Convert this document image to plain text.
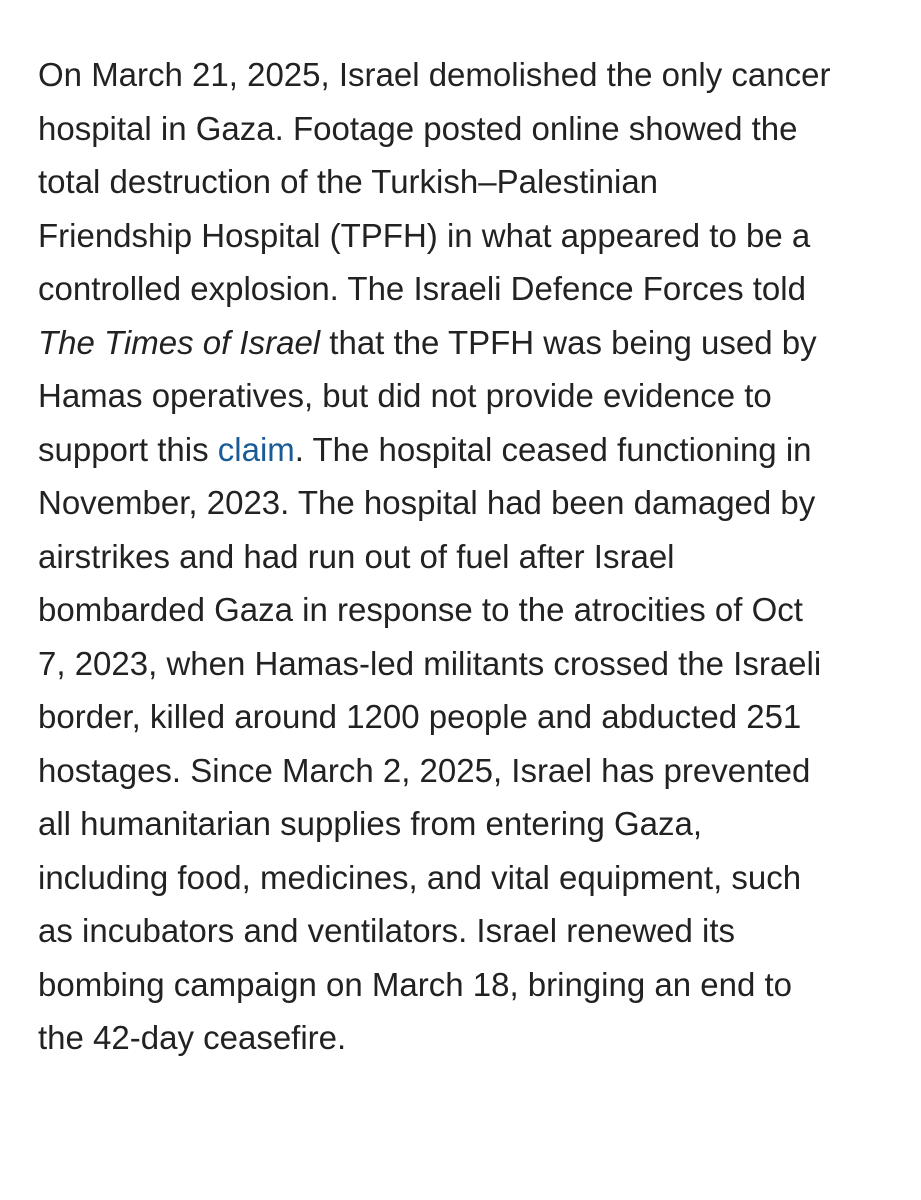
On March 21, 2025, Israel demolished the only cancer
hospital in Gaza. Footage posted online showed the
total destruction of the Turkish–Palestinian
Friendship Hospital (TPFH) in what appeared to be a
controlled explosion. The Israeli Defence Forces told
The Times of Israel that the TPFH was being used by
Hamas operatives, but did not provide evidence to
support this claim. The hospital ceased functioning in
November, 2023. The hospital had been damaged by
airstrikes and had run out of fuel after Israel
bombarded Gaza in response to the atrocities of Oct
7, 2023, when Hamas-led militants crossed the Israeli
border, killed around 1200 people and abducted 251
hostages. Since March 2, 2025, Israel has prevented
all humanitarian supplies from entering Gaza,
including food, medicines, and vital equipment, such
as incubators and ventilators. Israel renewed its
bombing campaign on March 18, bringing an end to
the 42-day ceasefire.
